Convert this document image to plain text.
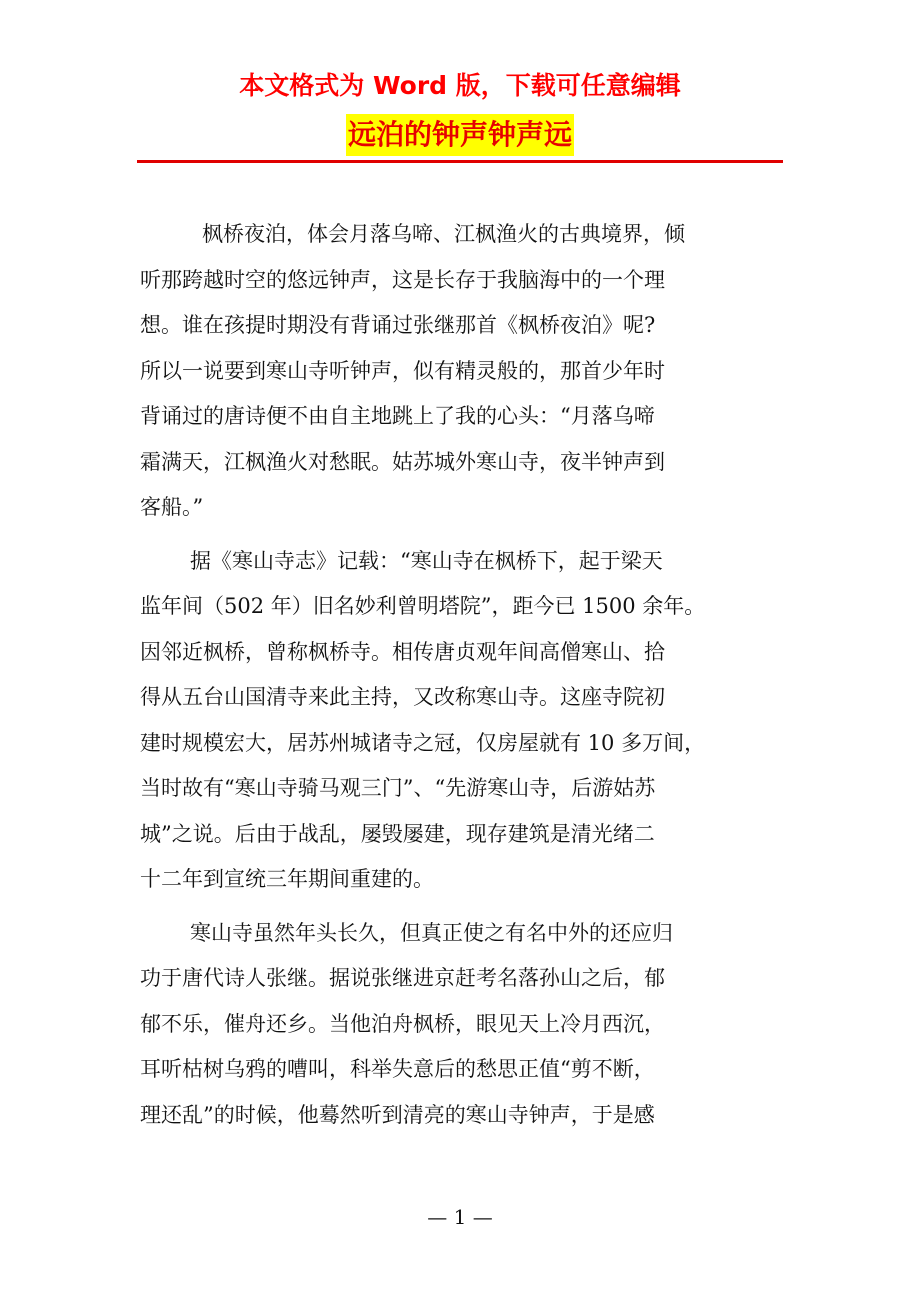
本文格式为 Word 版，下载可任意编辑
远泊的钟声钟声远
枫桥夜泊，体会月落乌啼、江枫渔火的古典境界，倾
听那跨越时空的悠远钟声，这是长存于我脑海中的一个理
想。谁在孩提时期没有背诵过张继那首《枫桥夜泊》呢?
所以一说要到寒山寺听钟声，似有精灵般的，那首少年时
背诵过的唐诗便不由自主地跳上了我的心头：“月落乌啼
霜满天，江枫渔火对愁眠。姑苏城外寒山寺，夜半钟声到
客船。”
据《寒山寺志》记载：“寒山寺在枫桥下，起于梁天
监年间（502 年）旧名妙利曾明塔院”，距今已 1500 余年。
因邻近枫桥，曾称枫桥寺。相传唐贞观年间高僧寒山、拾
得从五台山国清寺来此主持，又改称寒山寺。这座寺院初
建时规模宏大，居苏州城诸寺之冠，仅房屋就有 10 多万间，
当时故有“寒山寺骑马观三门”、“先游寒山寺，后游姑苏
城”之说。后由于战乱，屡毁屡建，现存建筑是清光绪二
十二年到宣统三年期间重建的。
寒山寺虽然年头长久，但真正使之有名中外的还应归
功于唐代诗人张继。据说张继进京赶考名落孙山之后，郁
郁不乐，催舟还乡。当他泊舟枫桥，眼见天上冷月西沉，
耳听枯树乌鸦的嘈叫，科举失意后的愁思正值“剪不断，
理还乱”的时候，他蓦然听到清亮的寒山寺钟声，于是感
— 1 —
